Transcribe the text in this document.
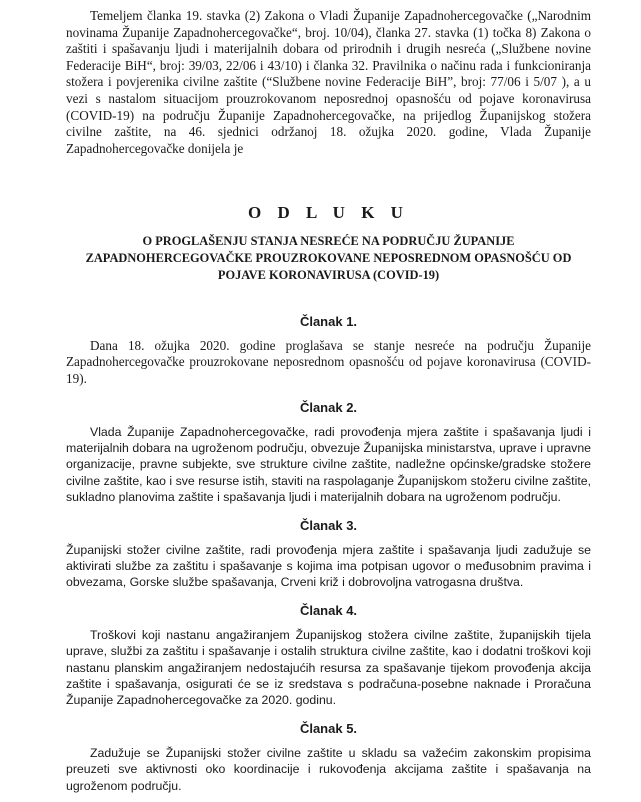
Temeljem članka 19. stavka (2) Zakona o Vladi Županije Zapadnohercegovačke („Narodnim novinama Županije Zapadnohercegovačke“, broj. 10/04), članka 27. stavka (1) točka 8) Zakona o zaštiti i spašavanju ljudi i materijalnih dobara od prirodnih i drugih nesreća („Službene novine Federacije BiH“, broj: 39/03, 22/06 i 43/10) i članka 32. Pravilnika o načinu rada i funkcioniranja stožera i povjerenika civilne zaštite (“Službene novine Federacije BiH”, broj: 77/06 i 5/07 ), a u vezi s nastalom situacijom prouzrokovanom neposrednoj opasnošću od pojave koronavirusa (COVID-19) na području Županije Zapadnohercegovačke, na prijedlog Županijskog stožera civilne zaštite, na 46. sjednici održanoj 18. ožujka 2020. godine, Vlada Županije Zapadnohercegovačke donijela je

O D L U K U
O PROGLAŠENJU STANJA NESREĆE NA PODRUČJU ŽUPANIJE ZAPADNOHERCEGOVAČKE PROUZROKOVANE NEPOSREDNOM OPASNOŠĆU OD POJAVE KORONAVIRUSA (COVID-19)
Članak 1.

Dana 18. ožujka 2020. godine proglašava se stanje nesreće na području Županije Zapadnohercegovačke prouzrokovane neposrednom opasnošću od pojave koronavirusa (COVID-19).

Članak 2.

Vlada Županije Zapadnohercegovačke, radi provođenja mjera zaštite i spašavanja ljudi i materijalnih dobara na ugroženom području, obvezuje Županijska ministarstva, uprave i upravne organizacije, pravne subjekte, sve strukture civilne zaštite, nadležne općinske/gradske stožere civilne zaštite, kao i sve resurse istih, staviti na raspolaganje Županijskom stožeru civilne zaštite, sukladno planovima zaštite i spašavanja ljudi i materijalnih dobara na ugroženom području.

Članak 3.

Županijski stožer civilne zaštite, radi provođenja mjera zaštite i spašavanja ljudi zadužuje se aktivirati službe za zaštitu i spašavanje s kojima ima potpisan ugovor o međusobnim pravima i obvezama, Gorske službe spašavanja, Crveni križ i dobrovoljna vatrogasna društva.

Članak 4.

Troškovi koji nastanu angažiranjem Županijskog stožera civilne zaštite, županijskih tijela uprave, službi za zaštitu i spašavanje i ostalih struktura civilne zaštite, kao i dodatni troškovi koji nastanu planskim angažiranjem nedostajućih resursa za spašavanje tijekom provođenja akcija zaštite i spašavanja, osigurati će se iz sredstava s podračuna-posebne naknade i Proračuna Županije Zapadnohercegovačke za 2020. godinu.

Članak 5.

Zadužuje se Županijski stožer civilne zaštite u skladu sa važećim zakonskim propisima preuzeti sve aktivnosti oko koordinacije i rukovođenja akcijama zaštite i spašavanja na ugroženom području.
